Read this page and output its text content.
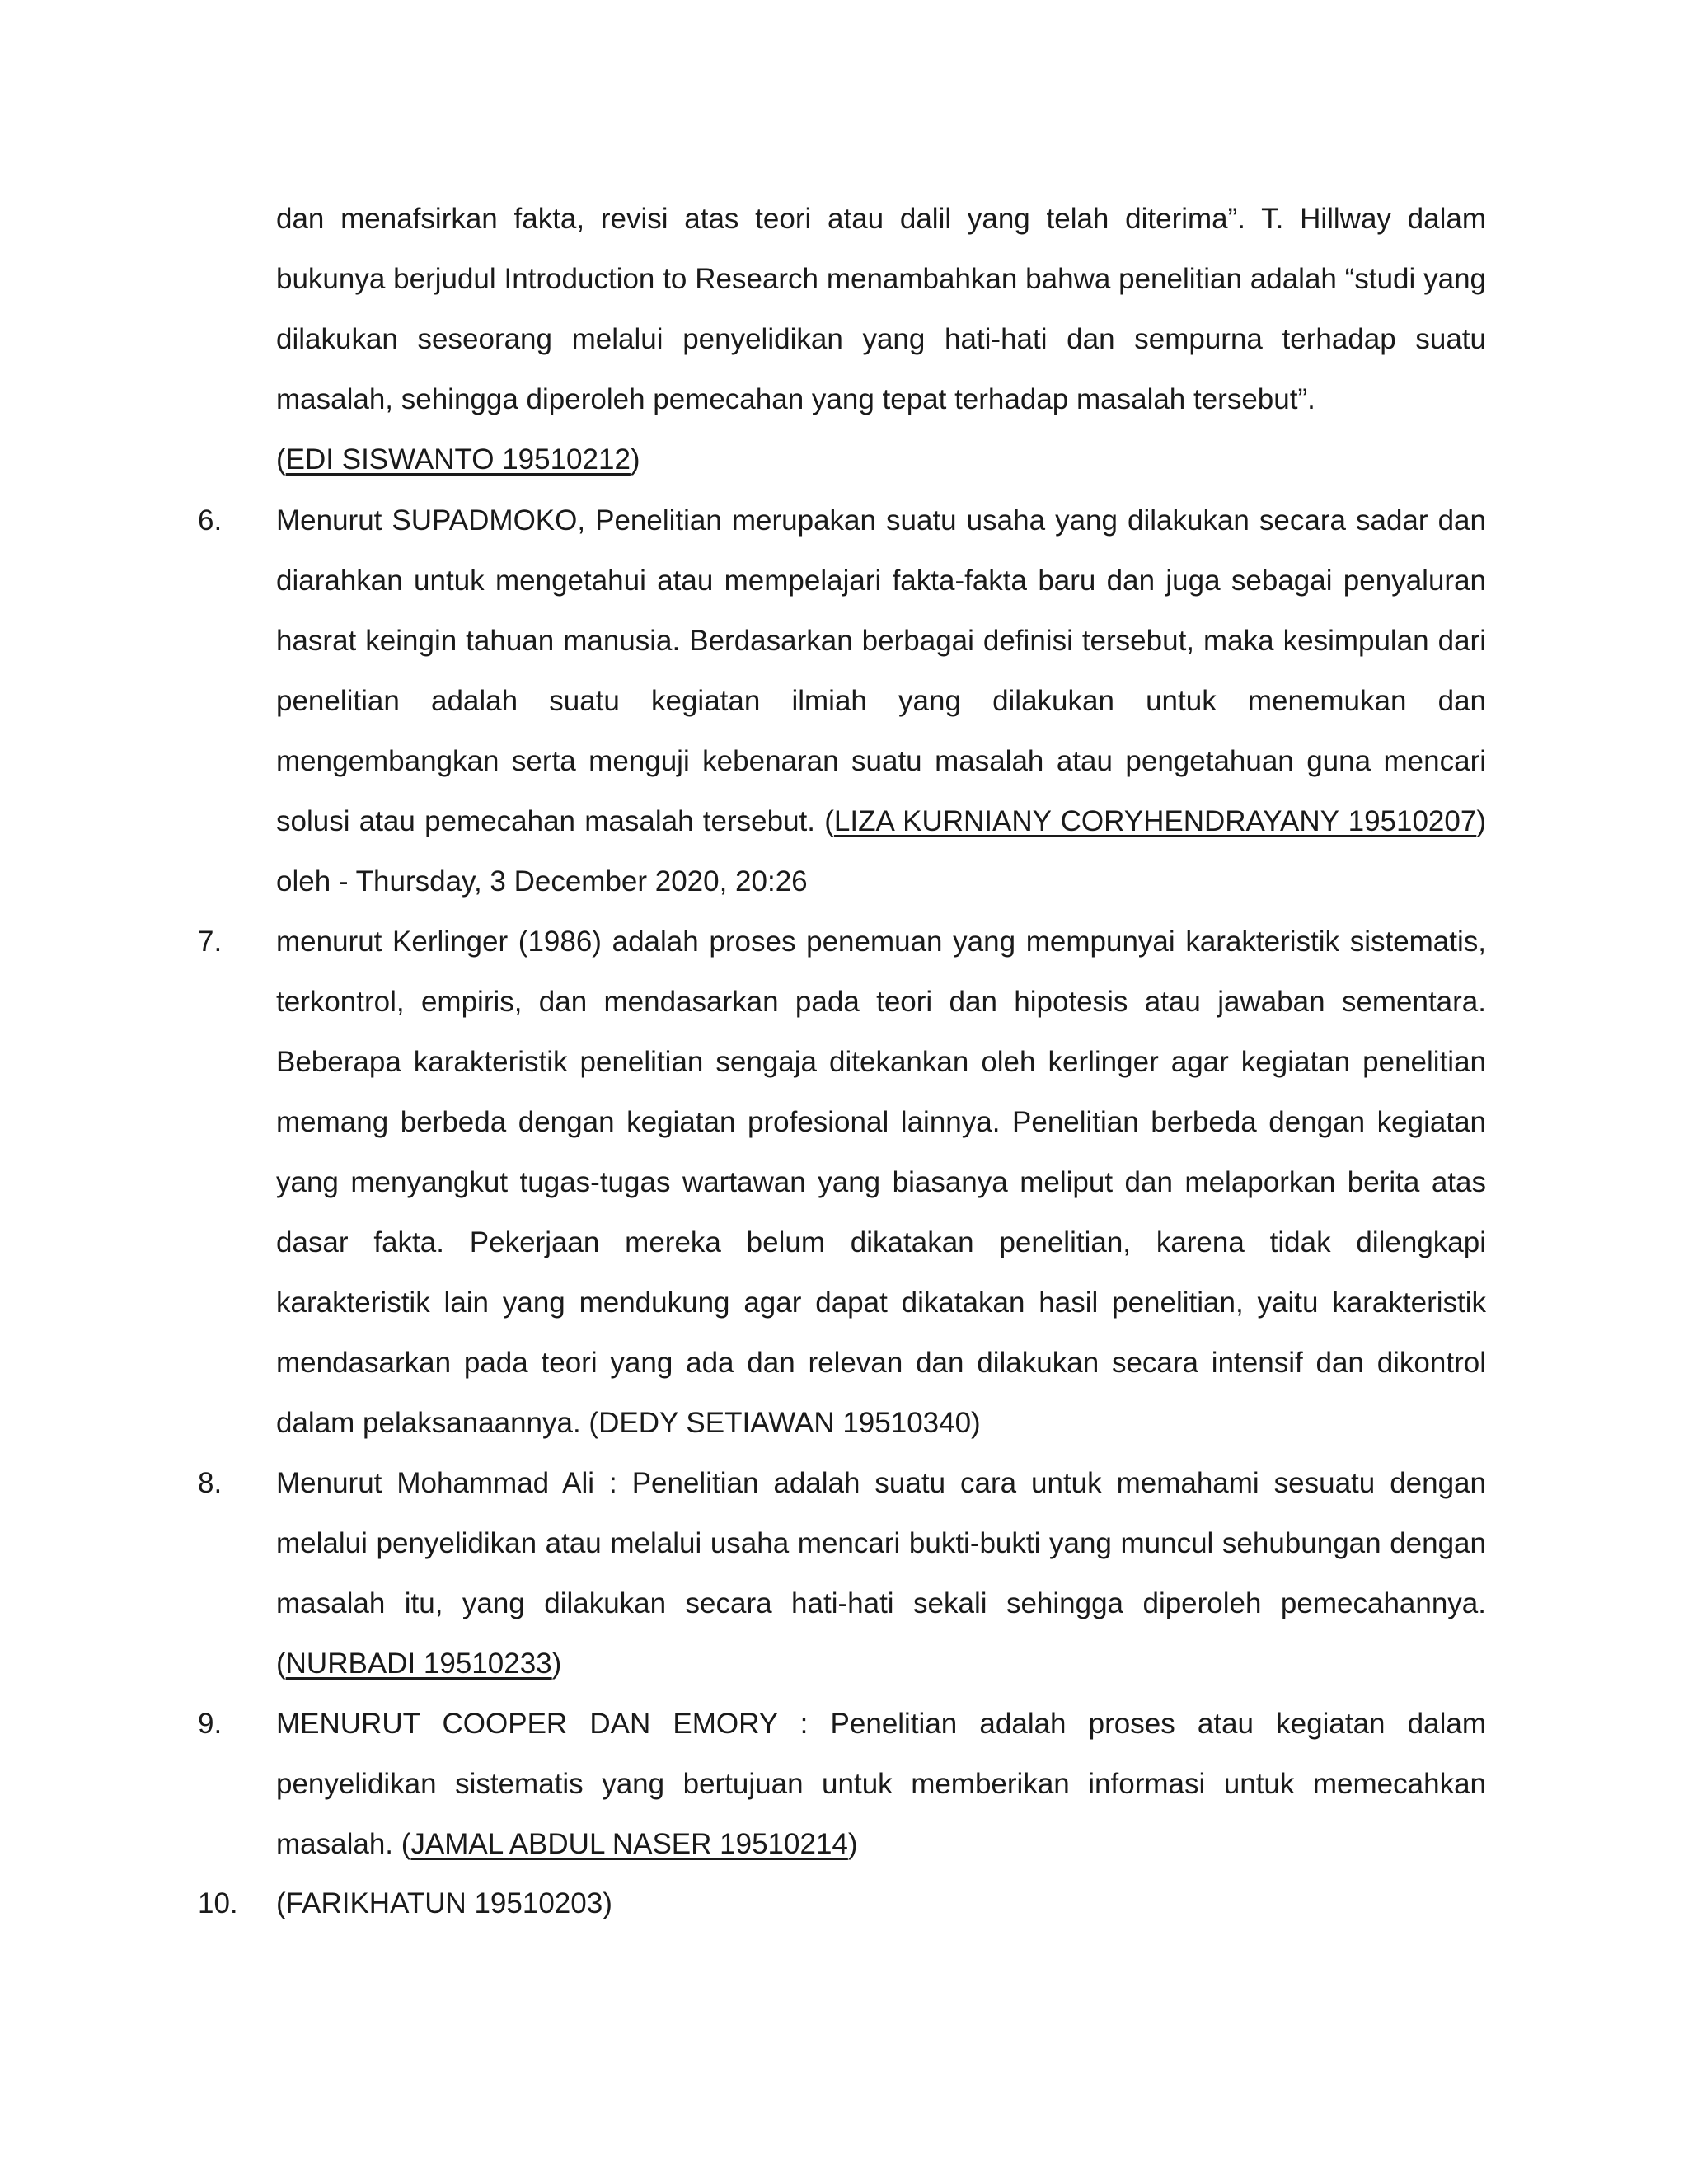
dan menafsirkan fakta, revisi atas teori atau dalil yang telah diterima”. T. Hillway dalam bukunya berjudul Introduction to Research menambahkan bahwa penelitian adalah “studi yang dilakukan seseorang melalui penyelidikan yang hati-hati dan sempurna terhadap suatu masalah, sehingga diperoleh pemecahan yang tepat terhadap masalah tersebut”.
(EDI SISWANTO 19510212)
6.	Menurut SUPADMOKO, Penelitian merupakan suatu usaha yang dilakukan secara sadar dan diarahkan untuk mengetahui atau mempelajari fakta-fakta baru dan juga sebagai penyaluran hasrat keingin tahuan manusia. Berdasarkan berbagai definisi tersebut, maka kesimpulan dari penelitian adalah suatu kegiatan ilmiah yang dilakukan untuk menemukan dan mengembangkan serta menguji kebenaran suatu masalah atau pengetahuan guna mencari solusi atau pemecahan masalah tersebut. (LIZA KURNIANY CORYHENDRAYANY 19510207) oleh - Thursday, 3 December 2020, 20:26
7.	menurut Kerlinger (1986) adalah proses penemuan yang mempunyai karakteristik sistematis, terkontrol, empiris, dan mendasarkan pada teori dan hipotesis atau jawaban sementara. Beberapa karakteristik penelitian sengaja ditekankan oleh kerlinger agar kegiatan penelitian memang berbeda dengan kegiatan profesional lainnya. Penelitian berbeda dengan kegiatan yang menyangkut tugas-tugas wartawan yang biasanya meliput dan melaporkan berita atas dasar fakta. Pekerjaan mereka belum dikatakan penelitian, karena tidak dilengkapi karakteristik lain yang mendukung agar dapat dikatakan hasil penelitian, yaitu karakteristik mendasarkan pada teori yang ada dan relevan dan dilakukan secara intensif dan dikontrol dalam pelaksanaannya. (DEDY SETIAWAN 19510340)
8.	Menurut Mohammad Ali : Penelitian adalah suatu cara untuk memahami sesuatu dengan melalui penyelidikan atau melalui usaha mencari bukti-bukti yang muncul sehubungan dengan masalah itu, yang dilakukan secara hati-hati sekali sehingga diperoleh pemecahannya. (NURBADI 19510233)
9.	MENURUT COOPER DAN EMORY : Penelitian adalah proses atau kegiatan dalam penyelidikan sistematis yang bertujuan untuk memberikan informasi untuk memecahkan masalah. (JAMAL ABDUL NASER 19510214)
10.	(FARIKHATUN 19510203)
